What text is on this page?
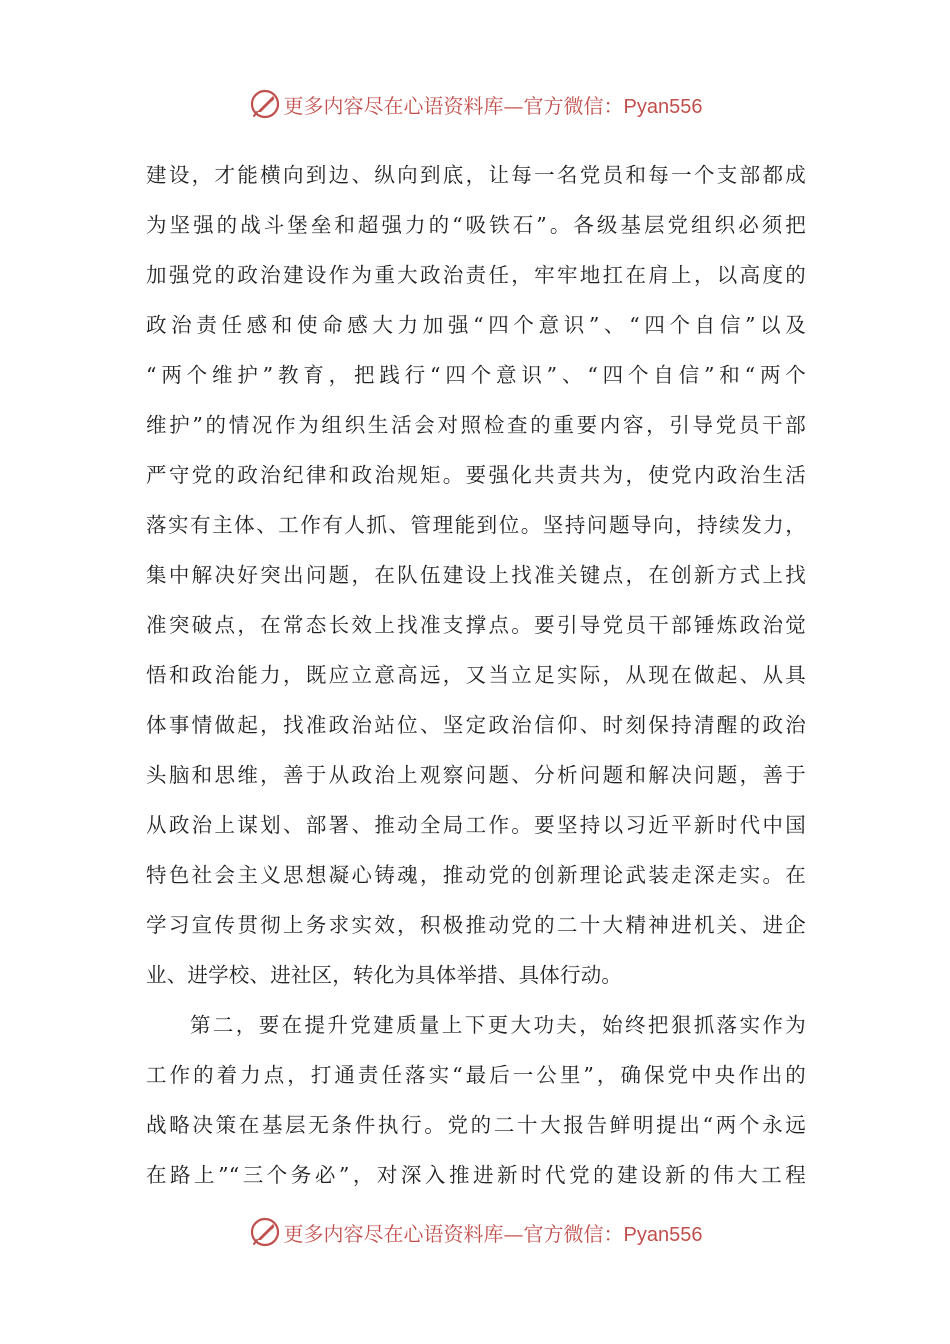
更多内容尽在心语资料库—官方微信：Pyan556
建设，才能横向到边、纵向到底，让每一名党员和每一个支部都成
为坚强的战斗堡垒和超强力的“吸铁石”。各级基层党组织必须把
加强党的政治建设作为重大政治责任，牢牢地扛在肩上，以高度的
政治责任感和使命感大力加强“四个意识”、“四个自信”以及
“两个维护”教育，把践行“四个意识”、“四个自信”和“两个
维护”的情况作为组织生活会对照检查的重要内容，引导党员干部
严守党的政治纪律和政治规矩。要强化共责共为，使党内政治生活
落实有主体、工作有人抓、管理能到位。坚持问题导向，持续发力，
集中解决好突出问题，在队伍建设上找准关键点，在创新方式上找
准突破点，在常态长效上找准支撑点。要引导党员干部锤炼政治觉
悟和政治能力，既应立意高远，又当立足实际，从现在做起、从具
体事情做起，找准政治站位、坚定政治信仰、时刻保持清醒的政治
头脑和思维，善于从政治上观察问题、分析问题和解决问题，善于
从政治上谋划、部署、推动全局工作。要坚持以习近平新时代中国
特色社会主义思想凝心铸魂，推动党的创新理论武装走深走实。在
学习宣传贯彻上务求实效，积极推动党的二十大精神进机关、进企
业、进学校、进社区，转化为具体举措、具体行动。
第二，要在提升党建质量上下更大功夫，始终把狠抓落实作为
工作的着力点，打通责任落实“最后一公里”，确保党中央作出的
战略决策在基层无条件执行。党的二十大报告鲜明提出“两个永远
在路上”“三个务必”，对深入推进新时代党的建设新的伟大工程
更多内容尽在心语资料库—官方微信：Pyan556
